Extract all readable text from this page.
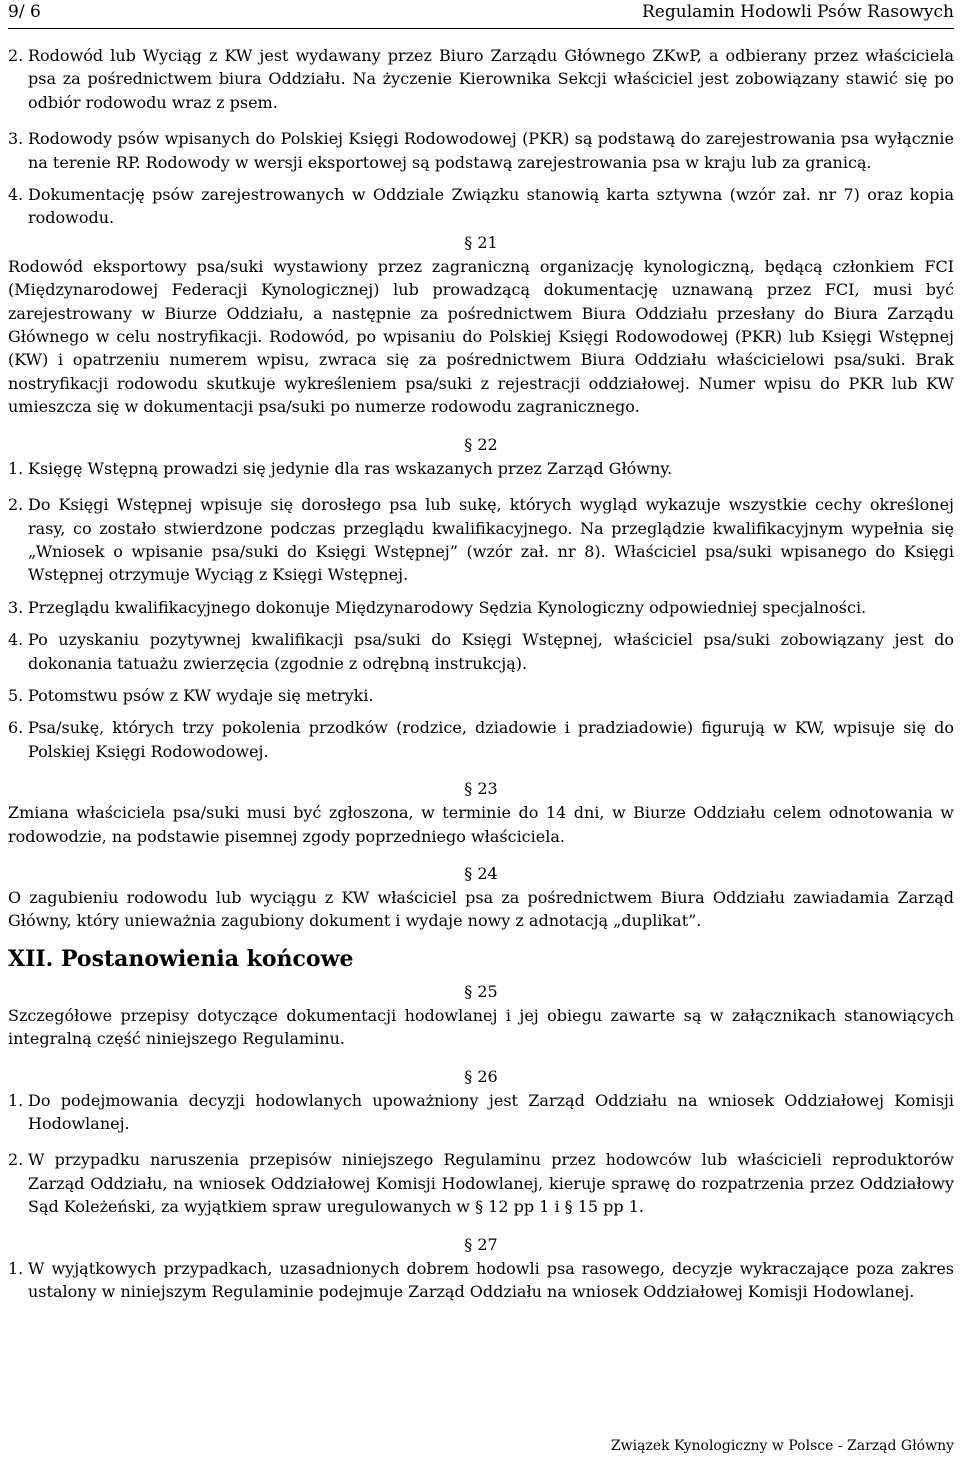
9/ 6	Regulamin Hodowli Psów Rasowych
2. Rodowód lub Wyciąg z KW jest wydawany przez Biuro Zarządu Głównego ZKwP, a odbierany przez właściciela psa za pośrednictwem biura Oddziału. Na życzenie Kierownika Sekcji właściciel jest zobowiązany stawić się po odbiór rodowodu wraz z psem.
3. Rodowody psów wpisanych do Polskiej Księgi Rodowodowej (PKR) są podstawą do zarejestrowania psa wyłącznie na terenie RP. Rodowody w wersji eksportowej są podstawą zarejestrowania psa w kraju lub za granicą.
4. Dokumentację psów zarejestrowanych w Oddziale Związku stanowią karta sztywna (wzór zał. nr 7) oraz kopia rodowodu.
§ 21
Rodowód eksportowy psa/suki wystawiony przez zagraniczną organizację kynologiczną, będącą członkiem FCI (Międzynarodowej Federacji Kynologicznej) lub prowadzącą dokumentację uznawaną przez FCI, musi być zarejestrowany w Biurze Oddziału, a następnie za pośrednictwem Biura Oddziału przesłany do Biura Zarządu Głównego w celu nostryfikacji. Rodowód, po wpisaniu do Polskiej Księgi Rodowodowej (PKR) lub Księgi Wstępnej (KW) i opatrzeniu numerem wpisu, zwraca się za pośrednictwem Biura Oddziału właścicielowi psa/suki. Brak nostryfikacji rodowodu skutkuje wykreśleniem psa/suki z rejestracji oddziałowej. Numer wpisu do PKR lub KW umieszcza się w dokumentacji psa/suki po numerze rodowodu zagranicznego.
§ 22
1. Księgę Wstępną prowadzi się jedynie dla ras wskazanych przez Zarząd Główny.
2. Do Księgi Wstępnej wpisuje się dorosłego psa lub sukę, których wygląd wykazuje wszystkie cechy określonej rasy, co zostało stwierdzone podczas przeglądu kwalifikacyjnego. Na przeglądzie kwalifikacyjnym wypełnia się „Wniosek o wpisanie psa/suki do Księgi Wstępnej” (wzór zał. nr 8). Właściciel psa/suki wpisanego do Księgi Wstępnej otrzymuje Wyciąg z Księgi Wstępnej.
3. Przeglądu kwalifikacyjnego dokonuje Międzynarodowy Sędzia Kynologiczny odpowiedniej specjalności.
4. Po uzyskaniu pozytywnej kwalifikacji psa/suki do Księgi Wstępnej, właściciel psa/suki zobowiązany jest do dokonania tatuażu zwierzęcia (zgodnie z odrębną instrukcją).
5. Potomstwu psów z KW wydaje się metryki.
6. Psa/sukę, których trzy pokolenia przodków (rodzice, dziadowie i pradziadowie) figurują w KW, wpisuje się do Polskiej Księgi Rodowodowej.
§ 23
Zmiana właściciela psa/suki musi być zgłoszona, w terminie do 14 dni, w Biurze Oddziału celem odnotowania w rodowodzie, na podstawie pisemnej zgody poprzedniego właściciela.
§ 24
O zagubieniu rodowodu lub wyciągu z KW właściciel psa za pośrednictwem Biura Oddziału zawiadamia Zarząd Główny, który unieważnia zagubiony dokument i wydaje nowy z adnotacją „duplikat”.
XII. Postanowienia końcowe
§ 25
Szczegółowe przepisy dotyczące dokumentacji hodowlanej i jej obiegu zawarte są w załącznikach stanowiących integralną część niniejszego Regulaminu.
§ 26
1. Do podejmowania decyzji hodowlanych upoważniony jest Zarząd Oddziału na wniosek Oddziałowej Komisji Hodowlanej.
2. W przypadku naruszenia przepisów niniejszego Regulaminu przez hodowców lub właścicieli reproduktorów Zarząd Oddziału, na wniosek Oddziałowej Komisji Hodowlanej, kieruje sprawę do rozpatrzenia przez Oddziałowy Sąd Koleżeński, za wyjątkiem spraw uregulowanych w § 12 pp 1 i § 15 pp 1.
§ 27
1. W wyjątkowych przypadkach, uzasadnionych dobrem hodowli psa rasowego, decyzje wykraczające poza zakres ustalony w niniejszym Regulaminie podejmuje Zarząd Oddziału na wniosek Oddziałowej Komisji Hodowlanej.
Związek Kynologiczny w Polsce - Zarząd Główny
